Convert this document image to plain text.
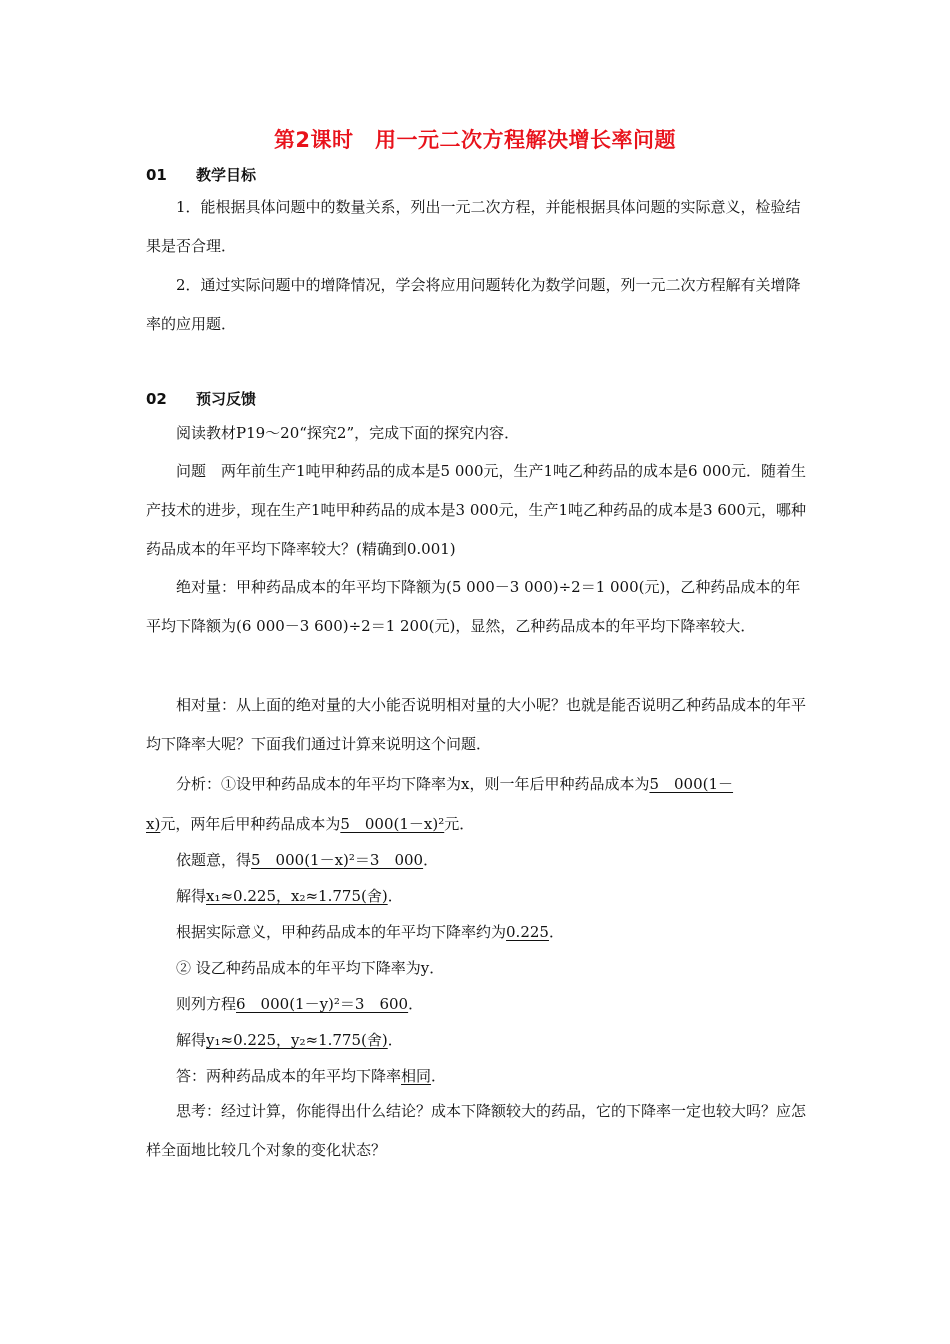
第2课时　用一元二次方程解决增长率问题
01 教学目标
1．能根据具体问题中的数量关系，列出一元二次方程，并能根据具体问题的实际意义，检验结果是否合理．
2．通过实际问题中的增降情况，学会将应用问题转化为数学问题，列一元二次方程解有关增降率的应用题．
02 预习反馈
阅读教材P19～20“探究2”，完成下面的探究内容．
问题　两年前生产1吨甲种药品的成本是5 000元，生产1吨乙种药品的成本是6 000元．随着生产技术的进步，现在生产1吨甲种药品的成本是3 000元，生产1吨乙种药品的成本是3 600元，哪种药品成本的年平均下降率较大？(精确到0.001)
绝对量：甲种药品成本的年平均下降额为(5 000－3 000)÷2＝1 000(元)，乙种药品成本的年平均下降额为(6 000－3 600)÷2＝1 200(元)，显然，乙种药品成本的年平均下降率较大．
相对量：从上面的绝对量的大小能否说明相对量的大小呢？也就是能否说明乙种药品成本的年平均下降率大呢？下面我们通过计算来说明这个问题．
分析：①设甲种药品成本的年平均下降率为x，则一年后甲种药品成本为5　000(1－
x)元，两年后甲种药品成本为5　000(1－x)²元．
依题意，得5　000(1－x)²＝3　000．
解得x₁≈0.225，x₂≈1.775(舍)．
根据实际意义，甲种药品成本的年平均下降率约为0.225．
② 设乙种药品成本的年平均下降率为y．
则列方程6　000(1－y)²＝3　600．
解得y₁≈0.225，y₂≈1.775(舍)．
答：两种药品成本的年平均下降率相同．
思考：经过计算，你能得出什么结论？成本下降额较大的药品，它的下降率一定也较大吗？应怎样全面地比较几个对象的变化状态？
